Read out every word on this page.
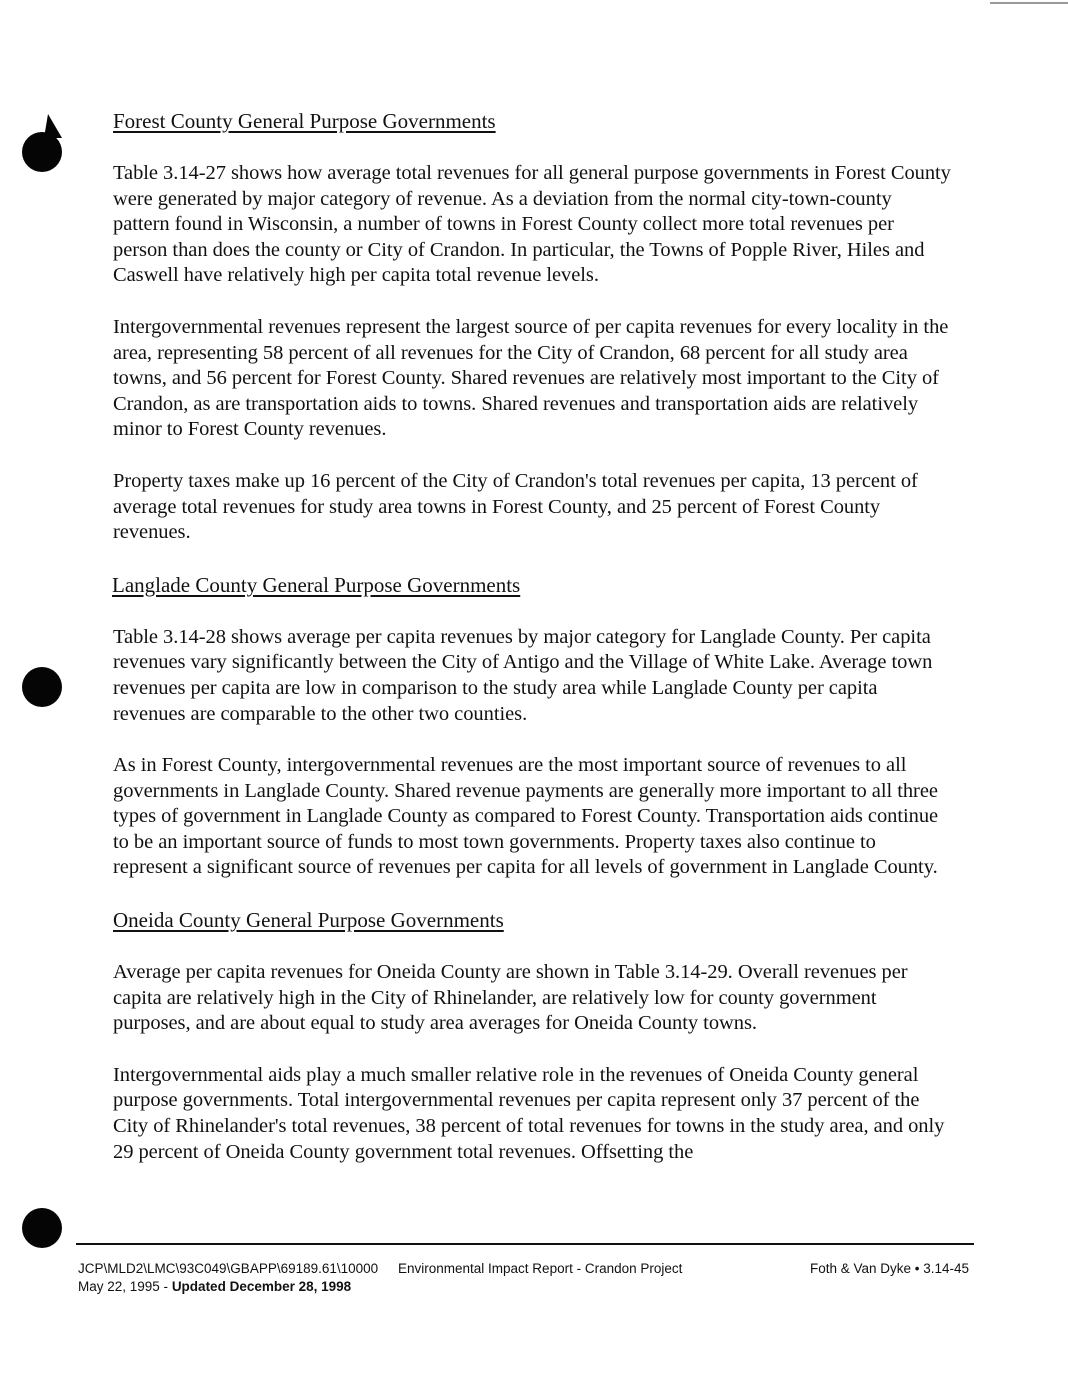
Forest County General Purpose Governments

Table 3.14-27 shows how average total revenues for all general purpose governments in Forest County were generated by major category of revenue. As a deviation from the normal city-town-county pattern found in Wisconsin, a number of towns in Forest County collect more total revenues per person than does the county or City of Crandon. In particular, the Towns of Popple River, Hiles and Caswell have relatively high per capita total revenue levels.

Intergovernmental revenues represent the largest source of per capita revenues for every locality in the area, representing 58 percent of all revenues for the City of Crandon, 68 percent for all study area towns, and 56 percent for Forest County. Shared revenues are relatively most important to the City of Crandon, as are transportation aids to towns. Shared revenues and transportation aids are relatively minor to Forest County revenues.

Property taxes make up 16 percent of the City of Crandon's total revenues per capita, 13 percent of average total revenues for study area towns in Forest County, and 25 percent of Forest County revenues.

Langlade County General Purpose Governments

Table 3.14-28 shows average per capita revenues by major category for Langlade County. Per capita revenues vary significantly between the City of Antigo and the Village of White Lake. Average town revenues per capita are low in comparison to the study area while Langlade County per capita revenues are comparable to the other two counties.

As in Forest County, intergovernmental revenues are the most important source of revenues to all governments in Langlade County. Shared revenue payments are generally more important to all three types of government in Langlade County as compared to Forest County. Transportation aids continue to be an important source of funds to most town governments. Property taxes also continue to represent a significant source of revenues per capita for all levels of government in Langlade County.

Oneida County General Purpose Governments

Average per capita revenues for Oneida County are shown in Table 3.14-29. Overall revenues per capita are relatively high in the City of Rhinelander, are relatively low for county government purposes, and are about equal to study area averages for Oneida County towns.

Intergovernmental aids play a much smaller relative role in the revenues of Oneida County general purpose governments. Total intergovernmental revenues per capita represent only 37 percent of the City of Rhinelander's total revenues, 38 percent of total revenues for towns in the study area, and only 29 percent of Oneida County government total revenues. Offsetting the

JCP\MLD2\LMC\93C049\GBAPP\69189.61\10000
May 22, 1995 - Updated December 28, 1998
Environmental Impact Report - Crandon Project	Foth & Van Dyke • 3.14-45
